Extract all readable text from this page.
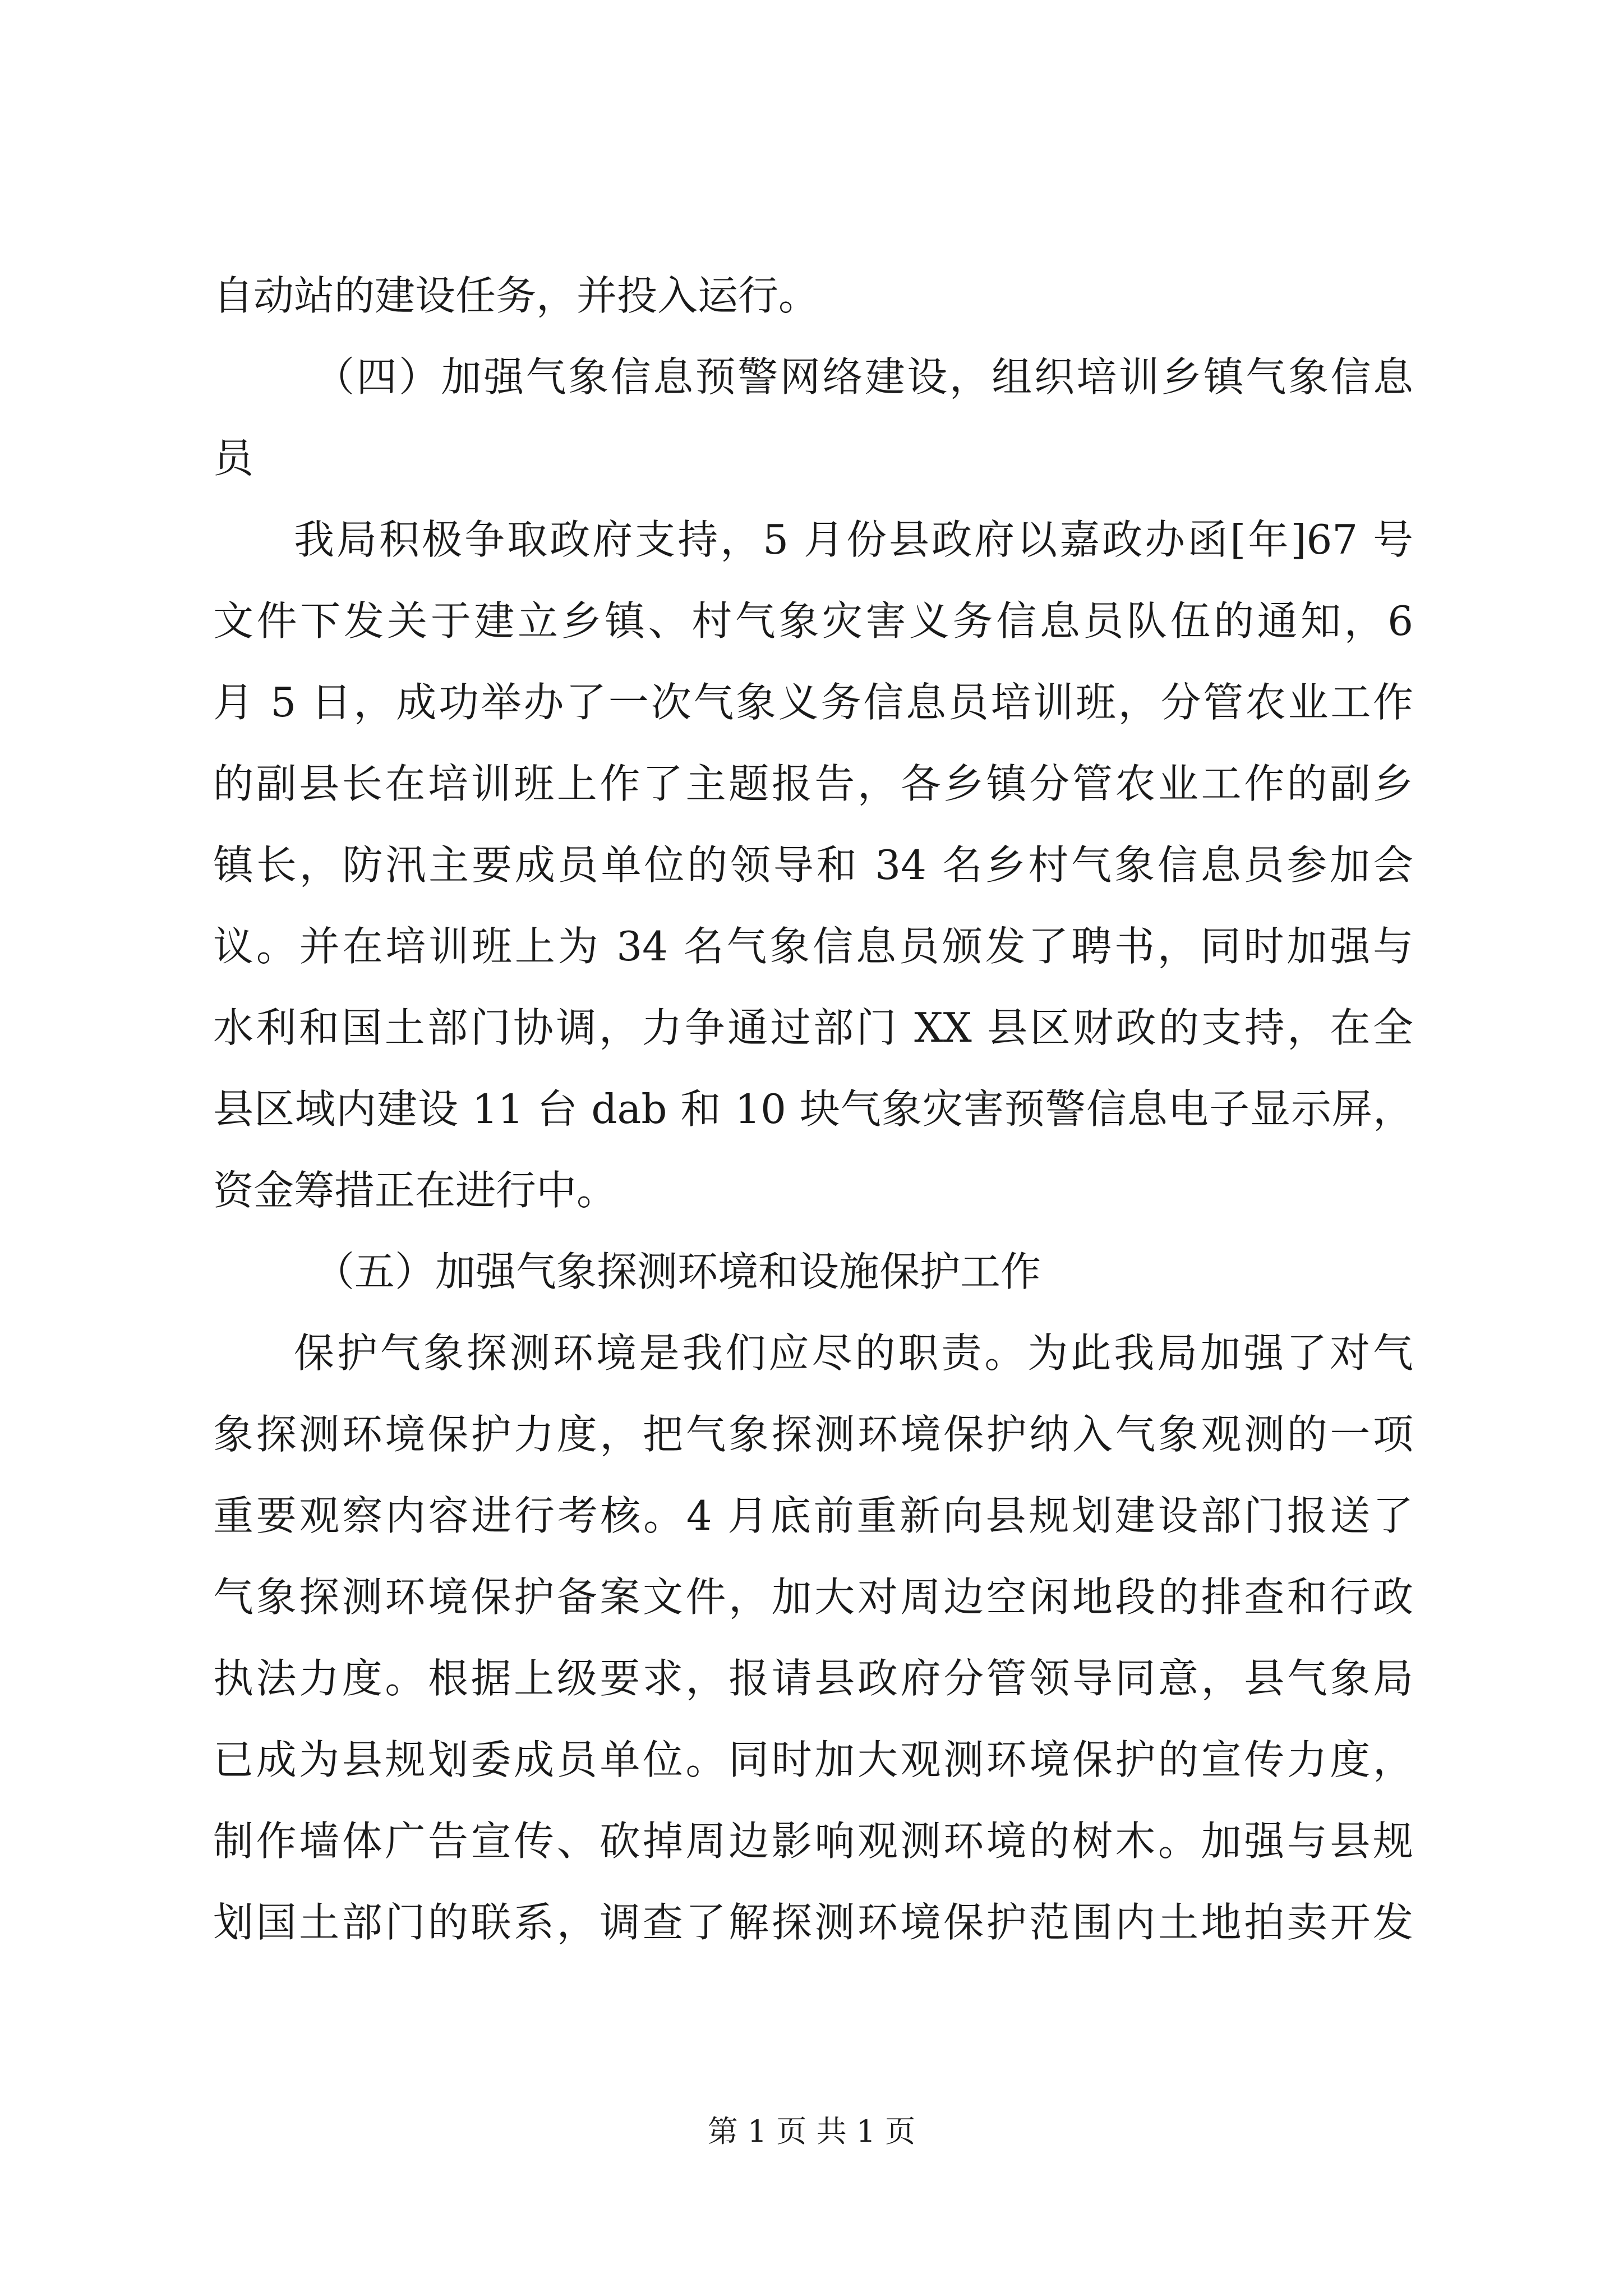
自动站的建设任务，并投入运行。
（四）加强气象信息预警网络建设，组织培训乡镇气象信息
员
我局积极争取政府支持，5 月份县政府以嘉政办函[年]67 号
文件下发关于建立乡镇、村气象灾害义务信息员队伍的通知，6
月 5 日，成功举办了一次气象义务信息员培训班，分管农业工作
的副县长在培训班上作了主题报告，各乡镇分管农业工作的副乡
镇长，防汛主要成员单位的领导和 34 名乡村气象信息员参加会
议。并在培训班上为 34 名气象信息员颁发了聘书，同时加强与
水利和国土部门协调，力争通过部门 XX 县区财政的支持，在全
县区域内建设 11 台 dab 和 10 块气象灾害预警信息电子显示屏，
资金筹措正在进行中。
（五）加强气象探测环境和设施保护工作
保护气象探测环境是我们应尽的职责。为此我局加强了对气
象探测环境保护力度，把气象探测环境保护纳入气象观测的一项
重要观察内容进行考核。4 月底前重新向县规划建设部门报送了
气象探测环境保护备案文件，加大对周边空闲地段的排查和行政
执法力度。根据上级要求，报请县政府分管领导同意，县气象局
已成为县规划委成员单位。同时加大观测环境保护的宣传力度，
制作墙体广告宣传、砍掉周边影响观测环境的树木。加强与县规
划国土部门的联系，调查了解探测环境保护范围内土地拍卖开发
第 1 页 共 1 页
